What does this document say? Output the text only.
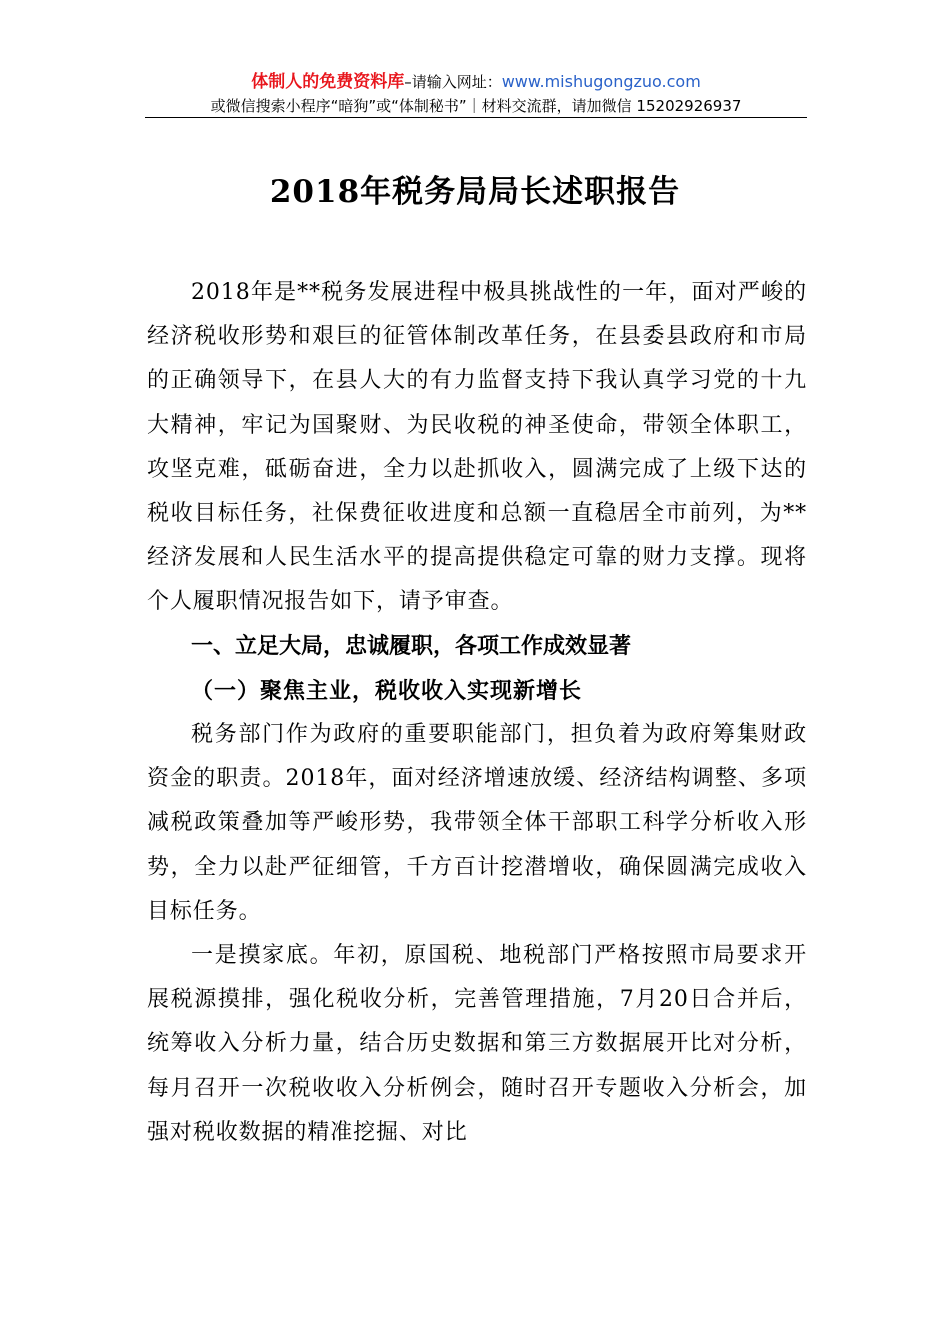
体制人的免费资料库–请输入网址：www.mishugongzuo.com
或微信搜索小程序“暗狗”或“体制秘书”｜材料交流群，请加微信 15202926937
2018年税务局局长述职报告

2018年是**税务发展进程中极具挑战性的一年，面对严峻的经济税收形势和艰巨的征管体制改革任务，在县委县政府和市局的正确领导下，在县人大的有力监督支持下我认真学习党的十九大精神，牢记为国聚财、为民收税的神圣使命，带领全体职工，攻坚克难，砥砺奋进，全力以赴抓收入，圆满完成了上级下达的税收目标任务，社保费征收进度和总额一直稳居全市前列，为**经济发展和人民生活水平的提高提供稳定可靠的财力支撑。现将个人履职情况报告如下，请予审查。

一、立足大局，忠诚履职，各项工作成效显著

（一）聚焦主业，税收收入实现新增长

税务部门作为政府的重要职能部门，担负着为政府筹集财政资金的职责。2018年，面对经济增速放缓、经济结构调整、多项减税政策叠加等严峻形势，我带领全体干部职工科学分析收入形势，全力以赴严征细管，千方百计挖潜增收，确保圆满完成收入目标任务。

一是摸家底。年初，原国税、地税部门严格按照市局要求开展税源摸排，强化税收分析，完善管理措施，7月20日合并后，统筹收入分析力量，结合历史数据和第三方数据展开比对分析，每月召开一次税收收入分析例会，随时召开专题收入分析会，加强对税收数据的精准挖掘、对比
